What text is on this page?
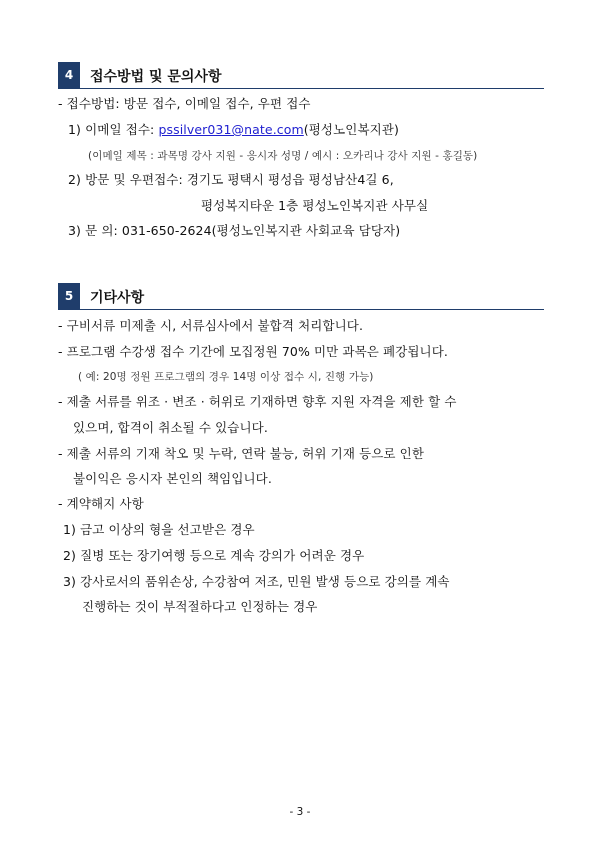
4	접수방법 및 문의사항
- 접수방법: 방문 접수, 이메일 접수, 우편 접수
1) 이메일 접수: pssilver031@nate.com(평성노인복지관)
(이메일 제목 : 과목명 강사 지원 - 응시자 성명 / 예시 : 오카리나 강사 지원 - 홍길동)
2) 방문 및 우편접수: 경기도 평택시 평성읍 평성남산4길 6,
평성복지타운 1층 평성노인복지관 사무실
3) 문 의: 031-650-2624(평성노인복지관 사회교육 담당자)
5	기타사항
- 구비서류 미제출 시, 서류심사에서 불합격 처리합니다.
- 프로그램 수강생 접수 기간에 모집정원 70% 미만 과목은 폐강됩니다.
( 예: 20명 정원 프로그램의 경우 14명 이상 접수 시, 진행 가능)
- 제출 서류를 위조 · 변조 · 허위로 기재하면 향후 지원 자격을 제한 할 수
있으며, 합격이 취소될 수 있습니다.
- 제출 서류의 기재 착오 및 누락, 연락 불능, 허위 기재 등으로 인한
불이익은 응시자 본인의 책임입니다.
- 계약해지 사항
1) 금고 이상의 형을 선고받은 경우
2) 질병 또는 장기여행 등으로 계속 강의가 어려운 경우
3) 강사로서의 품위손상, 수강참여 저조, 민원 발생 등으로 강의를 계속
진행하는 것이 부적절하다고 인정하는 경우
- 3 -
